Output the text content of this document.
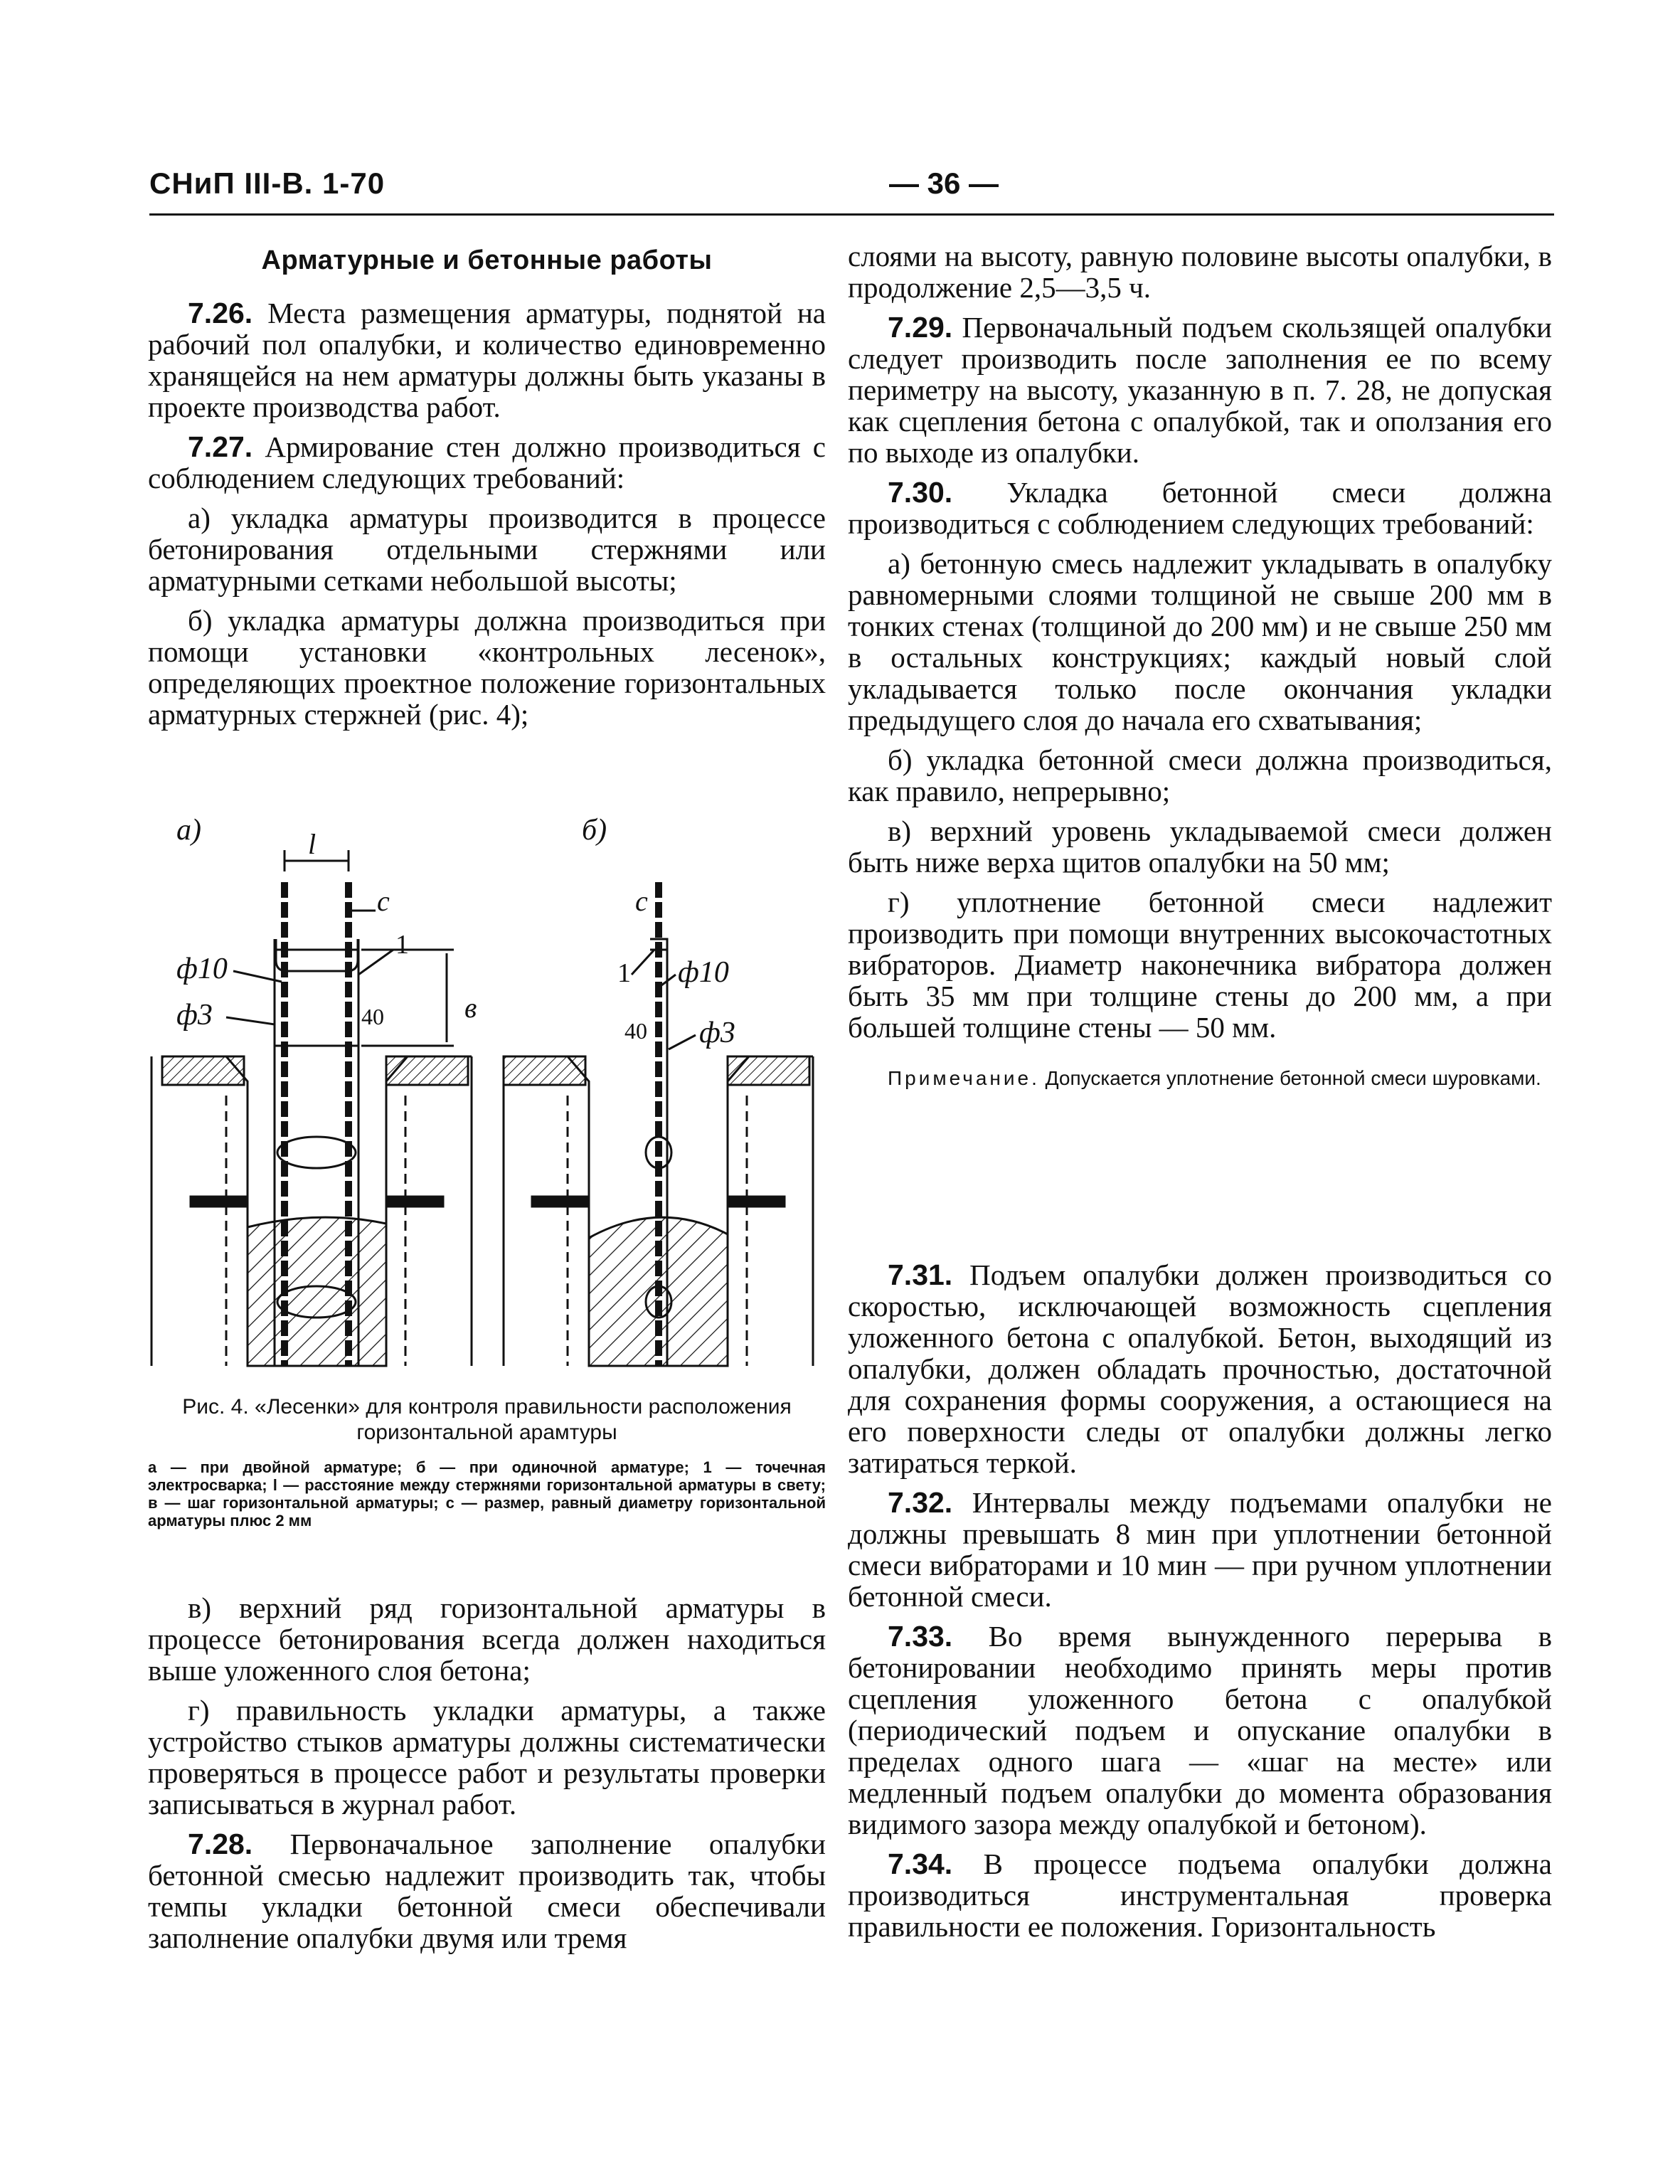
СНиП III-В. 1-70	— 36 —
Арматурные и бетонные работы

7.26. Места размещения арматуры, поднятой на рабочий пол опалубки, и количество единовременно хранящейся на нем арматуры должны быть указаны в проекте производства работ.

7.27. Армирование стен должно производиться с соблюдением следующих требований:

а) укладка арматуры производится в процессе бетонирования отдельными стержнями или арматурными сетками небольшой высоты;

б) укладка арматуры должна производиться при помощи установки «контрольных лесенок», определяющих проектное положение горизонтальных арматурных стержней (рис. 4);

а)	l
с
1
в
40
ф10
ф3
б)
с
1 ф10
ф3
40
Рис. 4. «Лесенки» для контроля правильности расположения горизонтальной арамтуры
а — при двойной арматуре; б — при одиночной арматуре; 1 — точечная электросварка; l — расстояние между стержнями горизонтальной арматуры в свету; в — шаг горизонтальной арматуры; с — размер, равный диаметру горизонтальной арматуры плюс 2 мм

в) верхний ряд горизонтальной арматуры в процессе бетонирования всегда должен находиться выше уложенного слоя бетона;

г) правильность укладки арматуры, а также устройство стыков арматуры должны систематически проверяться в процессе работ и результаты проверки записываться в журнал работ.

7.28. Первоначальное заполнение опалубки бетонной смесью надлежит производить так, чтобы темпы укладки бетонной смеси обеспечивали заполнение опалубки двумя или тремя

слоями на высоту, равную половине высоты опалубки, в продолжение 2,5—3,5 ч.

7.29. Первоначальный подъем скользящей опалубки следует производить после заполнения ее по всему периметру на высоту, указанную в п. 7. 28, не допуская как сцепления бетона с опалубкой, так и оползания его по выходе из опалубки.

7.30. Укладка бетонной смеси должна производиться с соблюдением следующих требований:

а) бетонную смесь надлежит укладывать в опалубку равномерными слоями толщиной не свыше 200 мм в тонких стенах (толщиной до 200 мм) и не свыше 250 мм в остальных конструкциях; каждый новый слой укладывается только после окончания укладки предыдущего слоя до начала его схватывания;

б) укладка бетонной смеси должна производиться, как правило, непрерывно;

в) верхний уровень укладываемой смеси должен быть ниже верха щитов опалубки на 50 мм;

г) уплотнение бетонной смеси надлежит производить при помощи внутренних высокочастотных вибраторов. Диаметр наконечника вибратора должен быть 35 мм при толщине стены до 200 мм, а при большей толщине стены — 50 мм.

Примечание. Допускается уплотнение бетонной смеси шуровками.

7.31. Подъем опалубки должен производиться со скоростью, исключающей возможность сцепления уложенного бетона с опалубкой. Бетон, выходящий из опалубки, должен обладать прочностью, достаточной для сохранения формы сооружения, а остающиеся на его поверхности следы от опалубки должны легко затираться теркой.

7.32. Интервалы между подъемами опалубки не должны превышать 8 мин при уплотнении бетонной смеси вибраторами и 10 мин — при ручном уплотнении бетонной смеси.

7.33. Во время вынужденного перерыва в бетонировании необходимо принять меры против сцепления уложенного бетона с опалубкой (периодический подъем и опускание опалубки в пределах одного шага — «шаг на месте» или медленный подъем опалубки до момента образования видимого зазора между опалубкой и бетоном).

7.34. В процессе подъема опалубки должна производиться инструментальная проверка правильности ее положения. Горизонтальность
